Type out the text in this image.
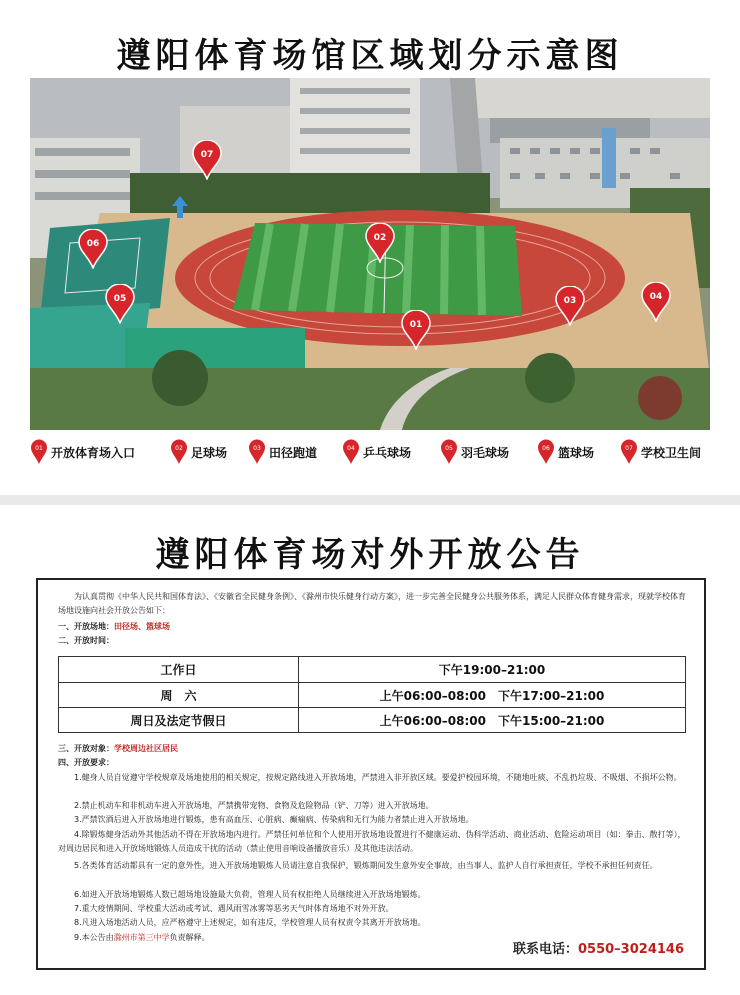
遵阳体育场馆区域划分示意图
01
02
03	04
05
06
07
01 开放体育场入口	02 足球场	03 田径跑道	04 乒乓球场	05 羽毛球场	06 篮球场	07 学校卫生间
遵阳体育场对外开放公告
为认真贯彻《中华人民共和国体育法》、《安徽省全民健身条例》、《滁州市快乐健身行动方案》，进一步完善全民健身公共服务体系，满足人民群众体育健身需求，现就学校体育场地设施向社会开放公告如下：
一、开放场地：田径场、篮球场
二、开放时间：
工作日	下午19:00–21:00
周　六	上午06:00–08:00　下午17:00–21:00
周日及法定节假日	上午06:00–08:00　下午15:00–21:00
三、开放对象：学校周边社区居民
四、开放要求：
1.健身人员自觉遵守学校规章及场地使用的相关规定，按规定路线进入开放场地，严禁进入非开放区域。要爱护校园环境，不随地吐痰、不乱扔垃圾、不吸烟、不损坏公物。
2.禁止机动车和非机动车进入开放场地，严禁携带宠物、食物及危险物品（铲、刀等）进入开放场地。
3.严禁饮酒后进入开放场地进行锻炼，患有高血压、心脏病、癫痫病、传染病和无行为能力者禁止进入开放场地。
4.除锻炼健身活动外其他活动不得在开放场地内进行。严禁任何单位和个人使用开放场地设置进行不健康运动、伪科学活动、商业活动、危险运动项目（如：拳击、散打等），对周边居民和进入开放场地锻炼人员造成干扰的活动（禁止使用音响设备播放音乐）及其他违法活动。
5.各类体育活动都具有一定的意外性，进入开放场地锻炼人员请注意自我保护，锻炼期间发生意外安全事故，由当事人、监护人自行承担责任，学校不承担任何责任。
6.如进入开放场地锻炼人数已超场地设施最大负荷，管理人员有权拒绝人员继续进入开放场地锻炼。
7.重大疫情期间、学校重大活动或考试、遇风雨雪冰雾等恶劣天气时体育场地不对外开放。
8.凡进入场地活动人员，应严格遵守上述规定，如有违反，学校管理人员有权责令其离开开放场地。
9.本公告由滁州市第三中学负责解释。
联系电话：0550–3024146
